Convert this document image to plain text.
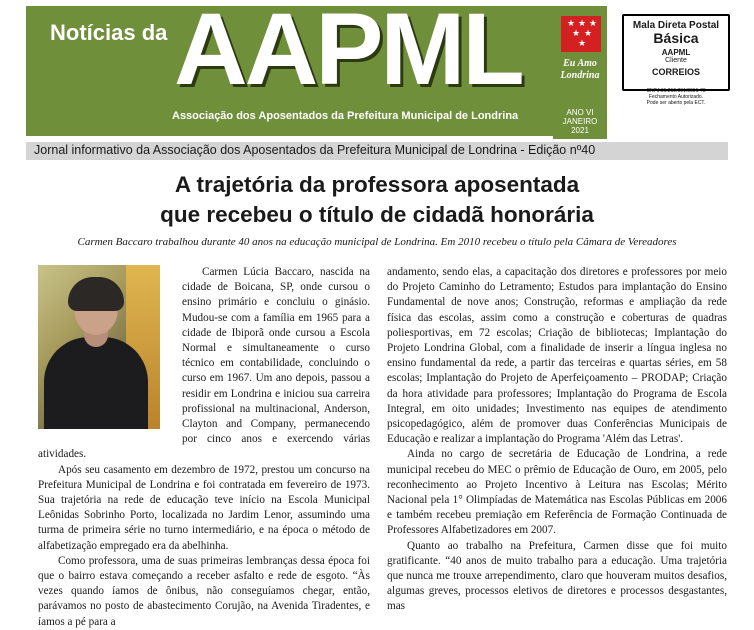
Notícias da AAPML
Associação dos Aposentados da Prefeitura Municipal de Londrina
★ ★ ★
★ ★
★
Eu Amo Londrina
ANO VI
JANEIRO
2021
Mala Direta Postal
Básica
AAPML
Cliente
CORREIOS
CNPJ:01.210.891/0001-73
Fechamento Autorizado.
Pode ser aberto pela ECT.
Jornal informativo da Associação dos Aposentados da Prefeitura Municipal de Londrina - Edição nº40
A trajetória da professora aposentada
que recebeu o título de cidadã honorária
Carmen Baccaro trabalhou durante 40 anos na educação municipal de Londrina. Em 2010 recebeu o título pela Câmara de Vereadores

Carmen Lúcia Baccaro, nascida na cidade de Boicana, SP, onde cursou o ensino primário e concluiu o ginásio. Mudou-se com a família em 1965 para a cidade de Ibiporã onde cursou a Escola Normal e simultaneamente o curso técnico em contabilidade, concluindo o curso em 1967. Um ano depois, passou a residir em Londrina e iniciou sua carreira profissional na multinacional, Anderson, Clayton and Company, permanecendo por cinco anos e exercendo várias atividades.

Após seu casamento em dezembro de 1972, prestou um concurso na Prefeitura Municipal de Londrina e foi contratada em fevereiro de 1973. Sua trajetória na rede de educação teve início na Escola Municipal Leônidas Sobrinho Porto, localizada no Jardim Lenor, assumindo uma turma de primeira série no turno intermediário, e na época o método de alfabetização empregado era da abelhinha.

Como professora, uma de suas primeiras lembranças dessa época foi que o bairro estava começando a receber asfalto e rede de esgoto. “Às vezes quando íamos de ônibus, não conseguíamos chegar, então, parávamos no posto de abastecimento Corujão, na Avenida Tiradentes, e íamos a pé para a

andamento, sendo elas, a capacitação dos diretores e professores por meio do Projeto Caminho do Letramento; Estudos para implantação do Ensino Fundamental de nove anos; Construção, reformas e ampliação da rede física das escolas, assim como a construção e coberturas de quadras poliesportivas, em 72 escolas; Criação de bibliotecas; Implantação do Projeto Londrina Global, com a finalidade de inserir a língua inglesa no ensino fundamental da rede, a partir das terceiras e quartas séries, em 58 escolas; Implantação do Projeto de Aperfeiçoamento – PRODAP; Criação da hora atividade para professores; Implantação do Programa de Escola Integral, em oito unidades; Investimento nas equipes de atendimento psicopedagógico, além de promover duas Conferências Municipais de Educação e realizar a implantação do Programa 'Além das Letras'.

Ainda no cargo de secretária de Educação de Londrina, a rede municipal recebeu do MEC o prêmio de Educação de Ouro, em 2005, pelo reconhecimento ao Projeto Incentivo à Leitura nas Escolas; Mérito Nacional pela 1° Olimpíadas de Matemática nas Escolas Públicas em 2006 e também recebeu premiação em Referência de Formação Continuada de Professores Alfabetizadores em 2007.

Quanto ao trabalho na Prefeitura, Carmen disse que foi muito gratificante. “40 anos de muito trabalho para a educação. Uma trajetória que nunca me trouxe arrependimento, claro que houveram muitos desafios, algumas greves, processos eletivos de diretores e processos desgastantes, mas
